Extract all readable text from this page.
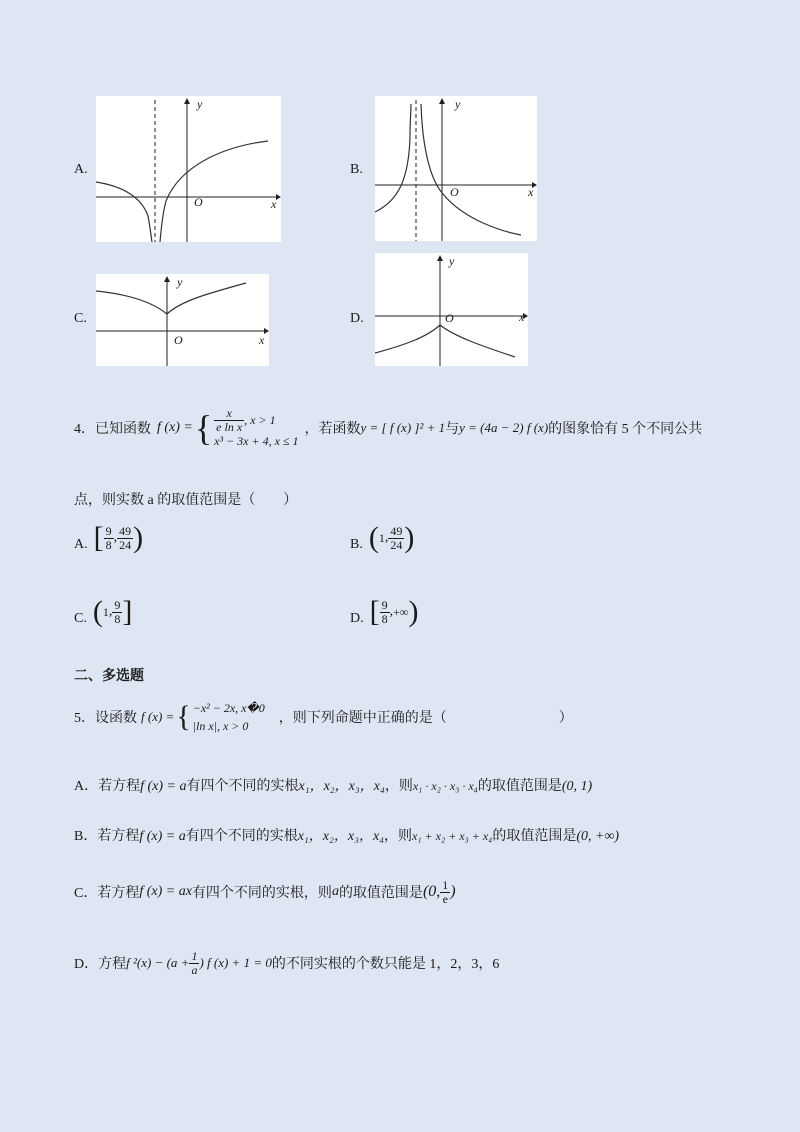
A.
y
x
O
B.
y
x
O
C.
y
x
O
D.
y
x
O
4．已知函数 f (x) = { $\frac{x}{\text{e ln x}}$ , x > 1
x³ − 3x + 4, x ≤ 1
，若函数 y = [ f (x) ]² + 1 与 y = (4a − 2) f (x) 的图象恰有 5 个不同公共
点，则实数 a 的取值范围是（　　）
A. [ $\frac{9}{8}$ , $\frac{49}{24}$ )	B. ( 1 , $\frac{49}{24}$ )
C. ( 1 , $\frac{9}{8}$ ]	D. [ $\frac{9}{8}$ , +∞ )
二、多选题
5．设函数 f (x) = { −x² − 2x, x�0
|ln x|, x > 0	，则下列命题中正确的是（　　　　　　　　）
A．若方程f (x) = a有四个不同的实根x₁，x₂，x₃，x₄，则x₁ · x₂ · x₃ · x₄的取值范围是(0, 1)
B．若方程f (x) = a有四个不同的实根x₁，x₂，x₃，x₄，则x₁ + x₂ + x₃ + x₄的取值范围是(0, +∞)
C．若方程 f (x) = ax 有四个不同的实根，则 a 的取值范围是 (0, $\frac{1}{e}$ )
D．方程 f $^2(x) - (a + \frac{1}{a}$ ) f (x) + 1 = 0 的不同实根的个数只能是 1，2，3，6
